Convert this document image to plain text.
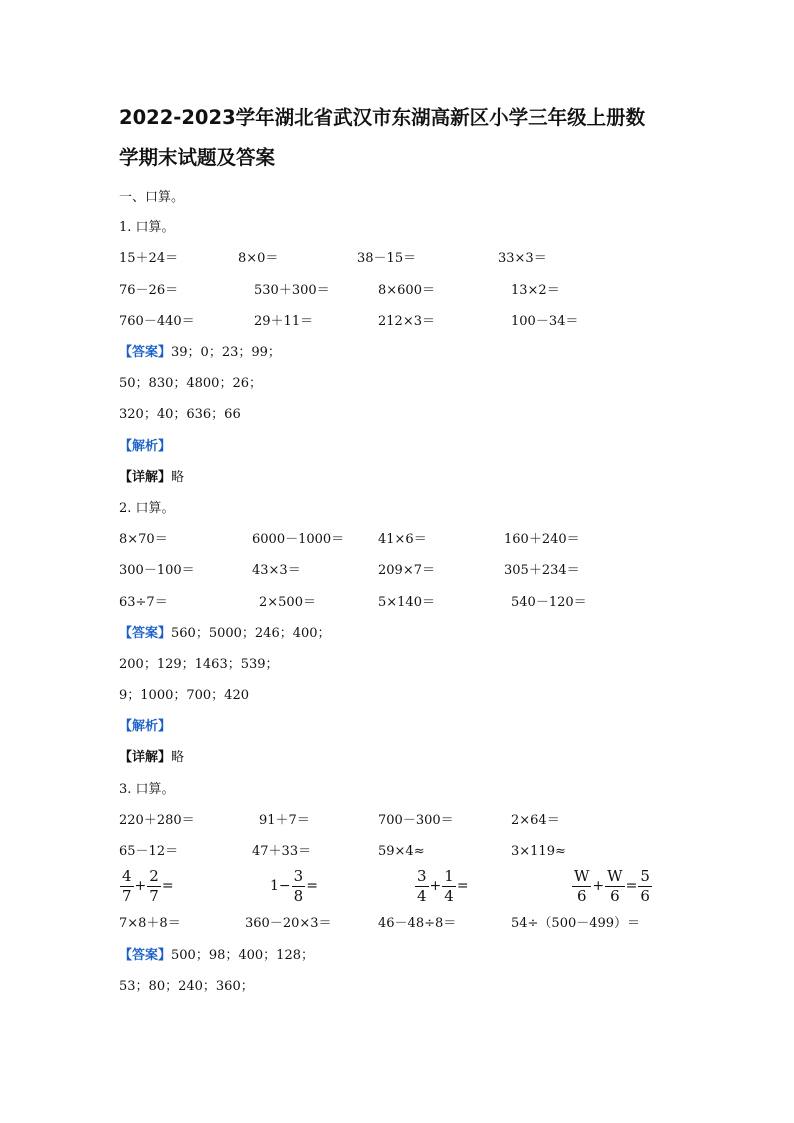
2022-2023学年湖北省武汉市东湖高新区小学三年级上册数
学期末试题及答案
一、口算。
1. 口算。
15＋24＝	8×0＝	38－15＝	33×3＝
76－26＝	530＋300＝	8×600＝	13×2＝
760－440＝	29＋11＝	212×3＝	100－34＝
【答案】39；0；23；99；
50；830；4800；26；
320；40；636；66
【解析】
【详解】略
2. 口算。
8×70＝	6000－1000＝	41×6＝	160＋240＝
300－100＝	43×3＝	209×7＝	305＋234＝
63÷7＝	2×500＝	5×140＝	540－120＝
【答案】560；5000；246；400；
200；129；1463；539；
9；1000；700；420
【解析】
【详解】略
3. 口算。
220＋280＝	91＋7＝	700－300＝	2×64＝
65－12＝	47＋33＝	59×4≈	3×119≈
$\frac{4}{7} + \frac{2}{7}$ =	$1- \frac{3}{8}$ =	$\frac{3}{4} + \frac{1}{4}$ =	$\frac{W}{6} + \frac{W}{6} = \frac{5}{6}$
7×8＋8＝	360－20×3＝	46－48÷8＝	54÷（500－499）＝
【答案】500；98；400；128；
53；80；240；360；
